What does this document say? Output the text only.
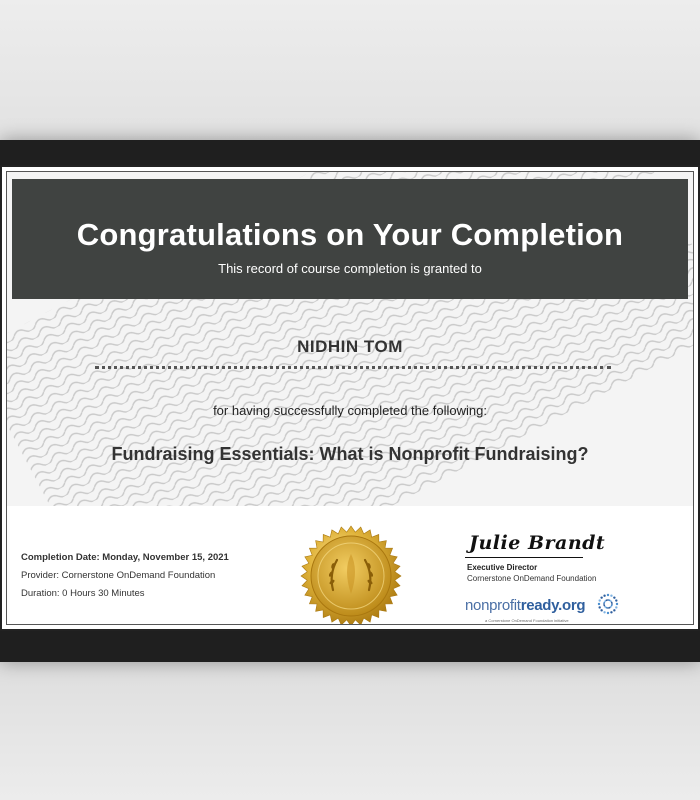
Congratulations on Your Completion
This record of course completion is granted to
NIDHIN TOM
for having successfully completed the following:
Fundraising Essentials: What is Nonprofit Fundraising?
Completion Date: Monday, November 15, 2021
Provider: Cornerstone OnDemand Foundation
Duration: 0 Hours 30 Minutes
Julie Brandt
Executive Director
Cornerstone OnDemand Foundation
nonprofitready.org
a Cornerstone OnDemand Foundation initiative
